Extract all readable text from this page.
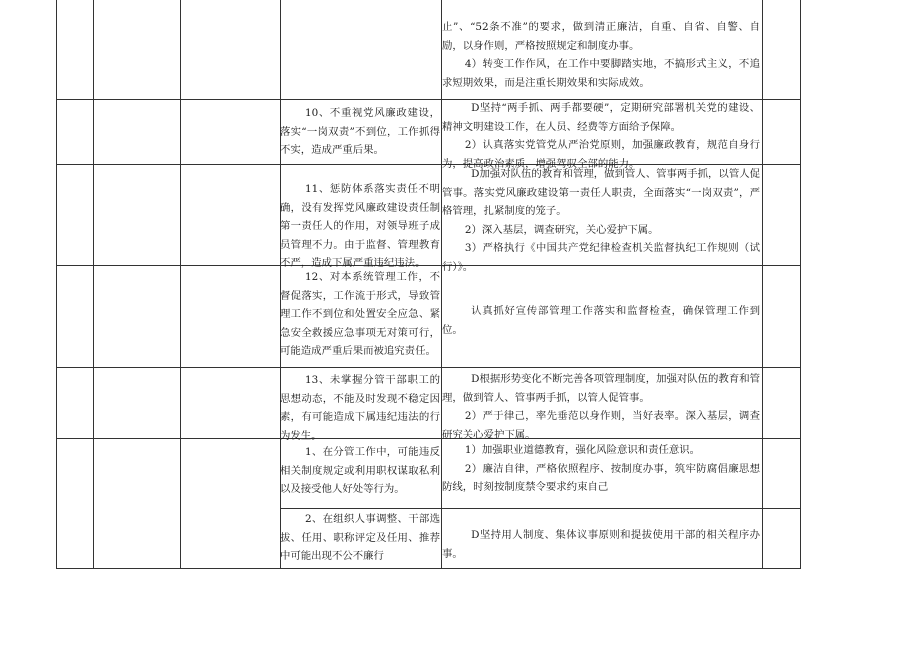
止”、“52条不准”的要求，做到清正廉洁，自重、自省、自警、自励，以身作则，严格按照规定和制度办事。

4）转变工作作风，在工作中要脚踏实地，不搞形式主义，不追求短期效果，而是注重长期效果和实际成效。

10、不重视党风廉政建设，落实“一岗双责”不到位，工作抓得不实，造成严重后果。

D坚持“两手抓、两手都要硬”，定期研究部署机关党的建设、精神文明建设工作，在人员、经费等方面给予保障。

2）认真落实党管党从严治党原则，加强廉政教育，规范自身行为，提高政治素质，增强驾驭全部的能力。

11、惩防体系落实责任不明确，没有发挥党风廉政建设责任制第一责任人的作用，对领导班子成员管理不力。由于监督、管理教育不严，造成下属严重违纪违法。

D加强对队伍的教育和管理，做到管人、管事两手抓，以管人促管事。落实党风廉政建设第一责任人职责，全面落实“一岗双责”，严格管理，扎紧制度的笼子。

2）深入基层，调查研究，关心爱护下属。

3）严格执行《中国共产党纪律检查机关监督执纪工作规则（试行）》。

12、对本系统管理工作，不督促落实，工作流于形式，导致管理工作不到位和处置安全应急、紧急安全救援应急事项无对策可行，可能造成严重后果而被追究责任。

认真抓好宣传部管理工作落实和监督检查，确保管理工作到位。

13、未掌握分管干部职工的思想动态，不能及时发现不稳定因素，有可能造成下属违纪违法的行为发生。

D根据形势变化不断完善各项管理制度，加强对队伍的教育和管理，做到管人、管事两手抓，以管人促管事。

2）严于律己，率先垂范以身作则，当好表率。深入基层，调查研究关心爱护下属。

1、在分管工作中，可能违反相关制度规定或利用职权谋取私利以及接受他人好处等行为。

1）加强职业道德教育，强化风险意识和责任意识。

2）廉洁自律，严格依照程序、按制度办事，筑牢防腐倡廉思想防线，时刻按制度禁令要求约束自己

2、在组织人事调整、干部选拔、任用、职称评定及任用、推荐中可能出现不公不廉行

D坚持用人制度、集体议事原则和提拔使用干部的相关程序办事。
